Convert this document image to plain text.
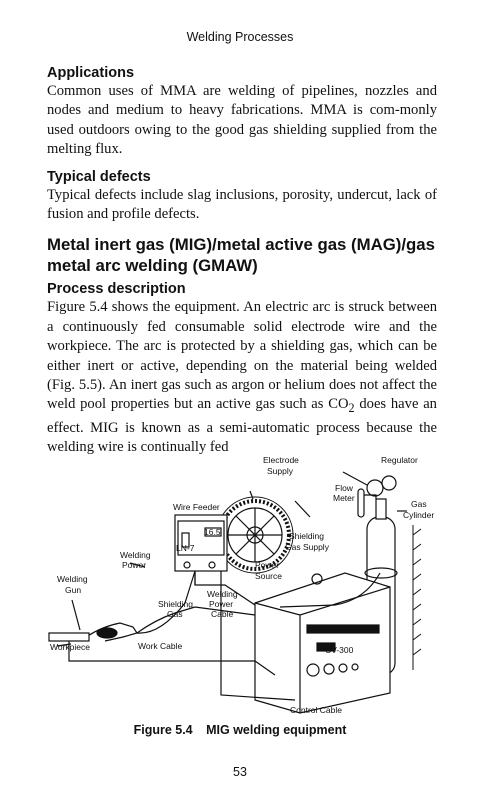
Welding Processes
Applications

Common uses of MMA are welding of pipelines, nozzles and nodes and medium to heavy fabrications. MMA is com-monly used outdoors owing to the good gas shielding supplied from the melting flux.

Typical defects

Typical defects include slag inclusions, porosity, undercut, lack of fusion and profile defects.

Metal inert gas (MIG)/metal active gas (MAG)/gas metal arc welding (GMAW)
Process description

Figure 5.4 shows the equipment. An electric arc is struck between a continuously fed consumable solid electrode wire and the workpiece. The arc is protected by a shielding gas, which can be either inert or active, depending on the material being welded (Fig. 5.5). An inert gas such as argon or helium does not affect the weld pool properties but an active gas such as $CO_2$ does have an effect. MIG is known as a semi-automatic process because the welding wire is continually fed

Electrode
Supply
Regulator
Flow
Meter
Gas
Cylinder
Wire Feeder
16.5
LN-7
Shielding
Gas Supply
Welding
Power	Power
Source
Welding
Gun
Shielding
Gas
Welding
Power
Cable
CV-300
Workpiece	Work Cable
Control Cable
Figure 5.4 MIG welding equipment
53
